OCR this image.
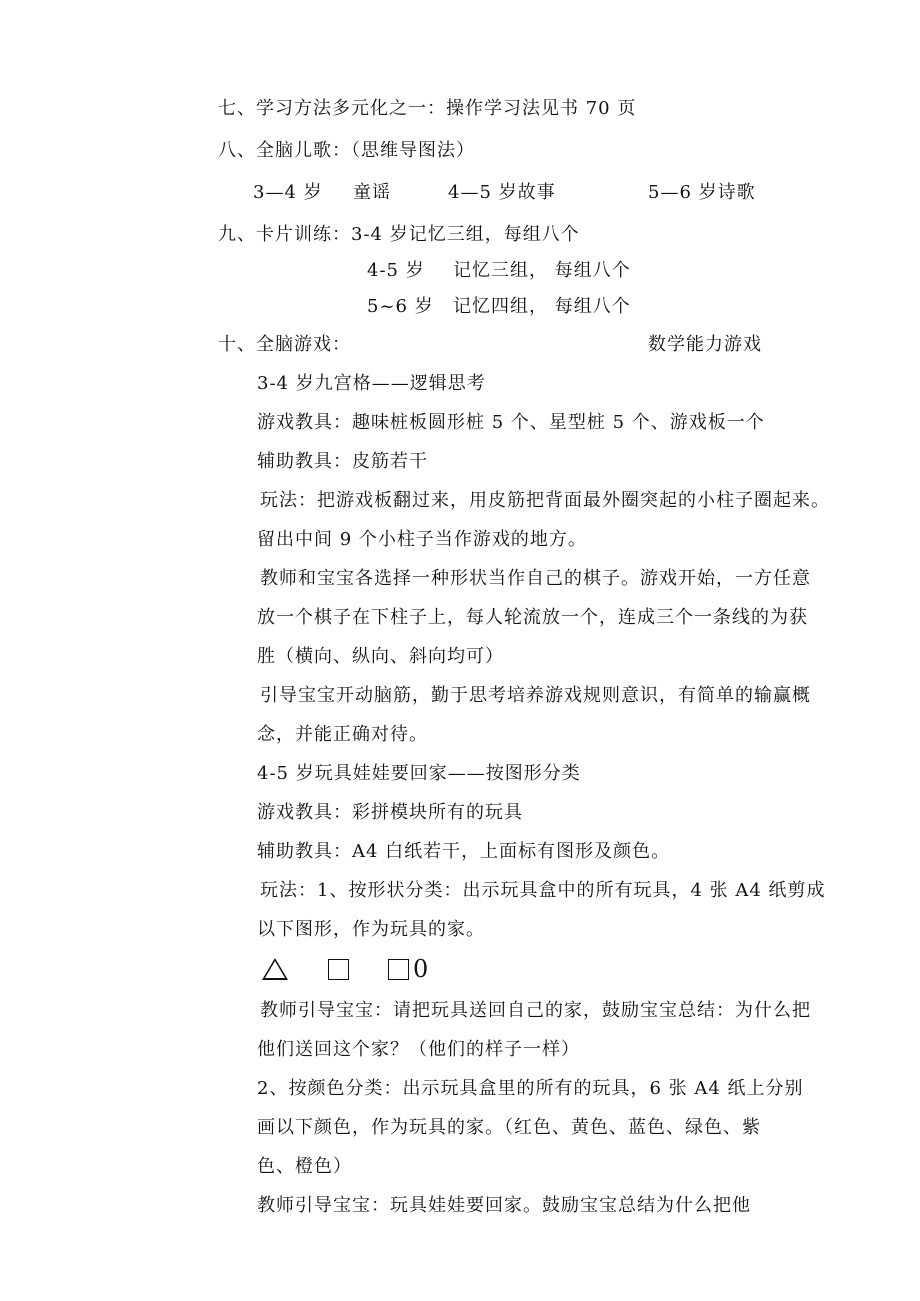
七、学习方法多元化之一：操作学习法见书 70 页
八、全脑儿歌：（思维导图法）
3—4 岁 童谣	4—5 岁故事	5—6 岁诗歌
九、卡片训练：3-4 岁记忆三组，每组八个
4-5 岁 记忆三组， 每组八个
5~6 岁 记忆四组， 每组八个
十、全脑游戏：	数学能力游戏
3-4 岁九宫格——逻辑思考
游戏教具：趣味桩板圆形桩 5 个、星型桩 5 个、游戏板一个
辅助教具：皮筋若干
玩法：把游戏板翻过来，用皮筋把背面最外圈突起的小柱子圈起来。
留出中间 9 个小柱子当作游戏的地方。
教师和宝宝各选择一种形状当作自己的棋子。游戏开始，一方任意
放一个棋子在下柱子上，每人轮流放一个，连成三个一条线的为获
胜（横向、纵向、斜向均可）
引导宝宝开动脑筋，勤于思考培养游戏规则意识，有简单的输赢概
念，并能正确对待。
4-5 岁玩具娃娃要回家——按图形分类
游戏教具：彩拼模块所有的玩具
辅助教具：A4 白纸若干，上面标有图形及颜色。
玩法：1、按形状分类：出示玩具盒中的所有玩具，4 张 A4 纸剪成
以下图形，作为玩具的家。
0
教师引导宝宝：请把玩具送回自己的家，鼓励宝宝总结：为什么把
他们送回这个家？（他们的样子一样）
2、按颜色分类：出示玩具盒里的所有的玩具，6 张 A4 纸上分别
画以下颜色，作为玩具的家。（红色、黄色、蓝色、绿色、紫
色、橙色）
教师引导宝宝：玩具娃娃要回家。鼓励宝宝总结为什么把他
